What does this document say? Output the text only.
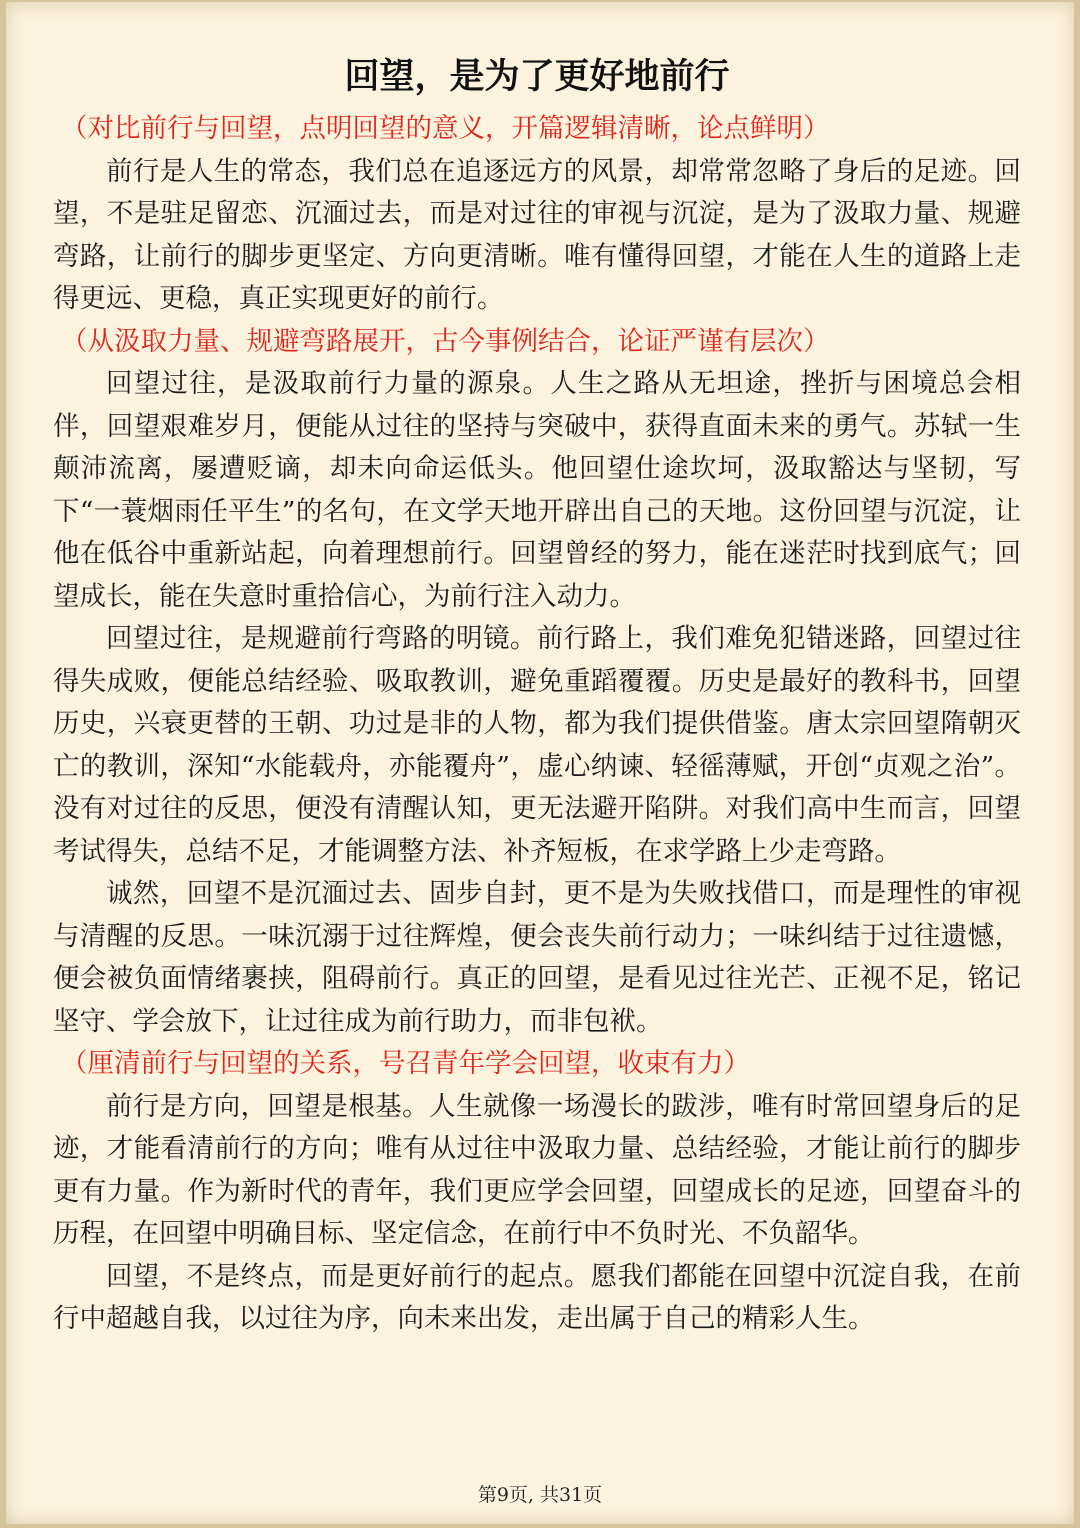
回望，是为了更好地前行

（对比前行与回望，点明回望的意义，开篇逻辑清晰，论点鲜明）

前行是人生的常态，我们总在追逐远方的风景，却常常忽略了身后的足迹。回望，不是驻足留恋、沉湎过去，而是对过往的审视与沉淀，是为了汲取力量、规避弯路，让前行的脚步更坚定、方向更清晰。唯有懂得回望，才能在人生的道路上走得更远、更稳，真正实现更好的前行。

（从汲取力量、规避弯路展开，古今事例结合，论证严谨有层次）

回望过往，是汲取前行力量的源泉。人生之路从无坦途，挫折与困境总会相伴，回望艰难岁月，便能从过往的坚持与突破中，获得直面未来的勇气。苏轼一生颠沛流离，屡遭贬谪，却未向命运低头。他回望仕途坎坷，汲取豁达与坚韧，写下“一蓑烟雨任平生”的名句，在文学天地开辟出自己的天地。这份回望与沉淀，让他在低谷中重新站起，向着理想前行。回望曾经的努力，能在迷茫时找到底气；回望成长，能在失意时重拾信心，为前行注入动力。

回望过往，是规避前行弯路的明镜。前行路上，我们难免犯错迷路，回望过往得失成败，便能总结经验、吸取教训，避免重蹈覆覆。历史是最好的教科书，回望历史，兴衰更替的王朝、功过是非的人物，都为我们提供借鉴。唐太宗回望隋朝灭亡的教训，深知“水能载舟，亦能覆舟”，虚心纳谏、轻徭薄赋，开创“贞观之治”。没有对过往的反思，便没有清醒认知，更无法避开陷阱。对我们高中生而言，回望考试得失，总结不足，才能调整方法、补齐短板，在求学路上少走弯路。

诚然，回望不是沉湎过去、固步自封，更不是为失败找借口，而是理性的审视与清醒的反思。一味沉溺于过往辉煌，便会丧失前行动力；一味纠结于过往遗憾，便会被负面情绪裹挟，阻碍前行。真正的回望，是看见过往光芒、正视不足，铭记坚守、学会放下，让过往成为前行助力，而非包袱。

（厘清前行与回望的关系，号召青年学会回望，收束有力）

前行是方向，回望是根基。人生就像一场漫长的跋涉，唯有时常回望身后的足迹，才能看清前行的方向；唯有从过往中汲取力量、总结经验，才能让前行的脚步更有力量。作为新时代的青年，我们更应学会回望，回望成长的足迹，回望奋斗的历程，在回望中明确目标、坚定信念，在前行中不负时光、不负韶华。

回望，不是终点，而是更好前行的起点。愿我们都能在回望中沉淀自我，在前行中超越自我，以过往为序，向未来出发，走出属于自己的精彩人生。

第9页, 共31页
